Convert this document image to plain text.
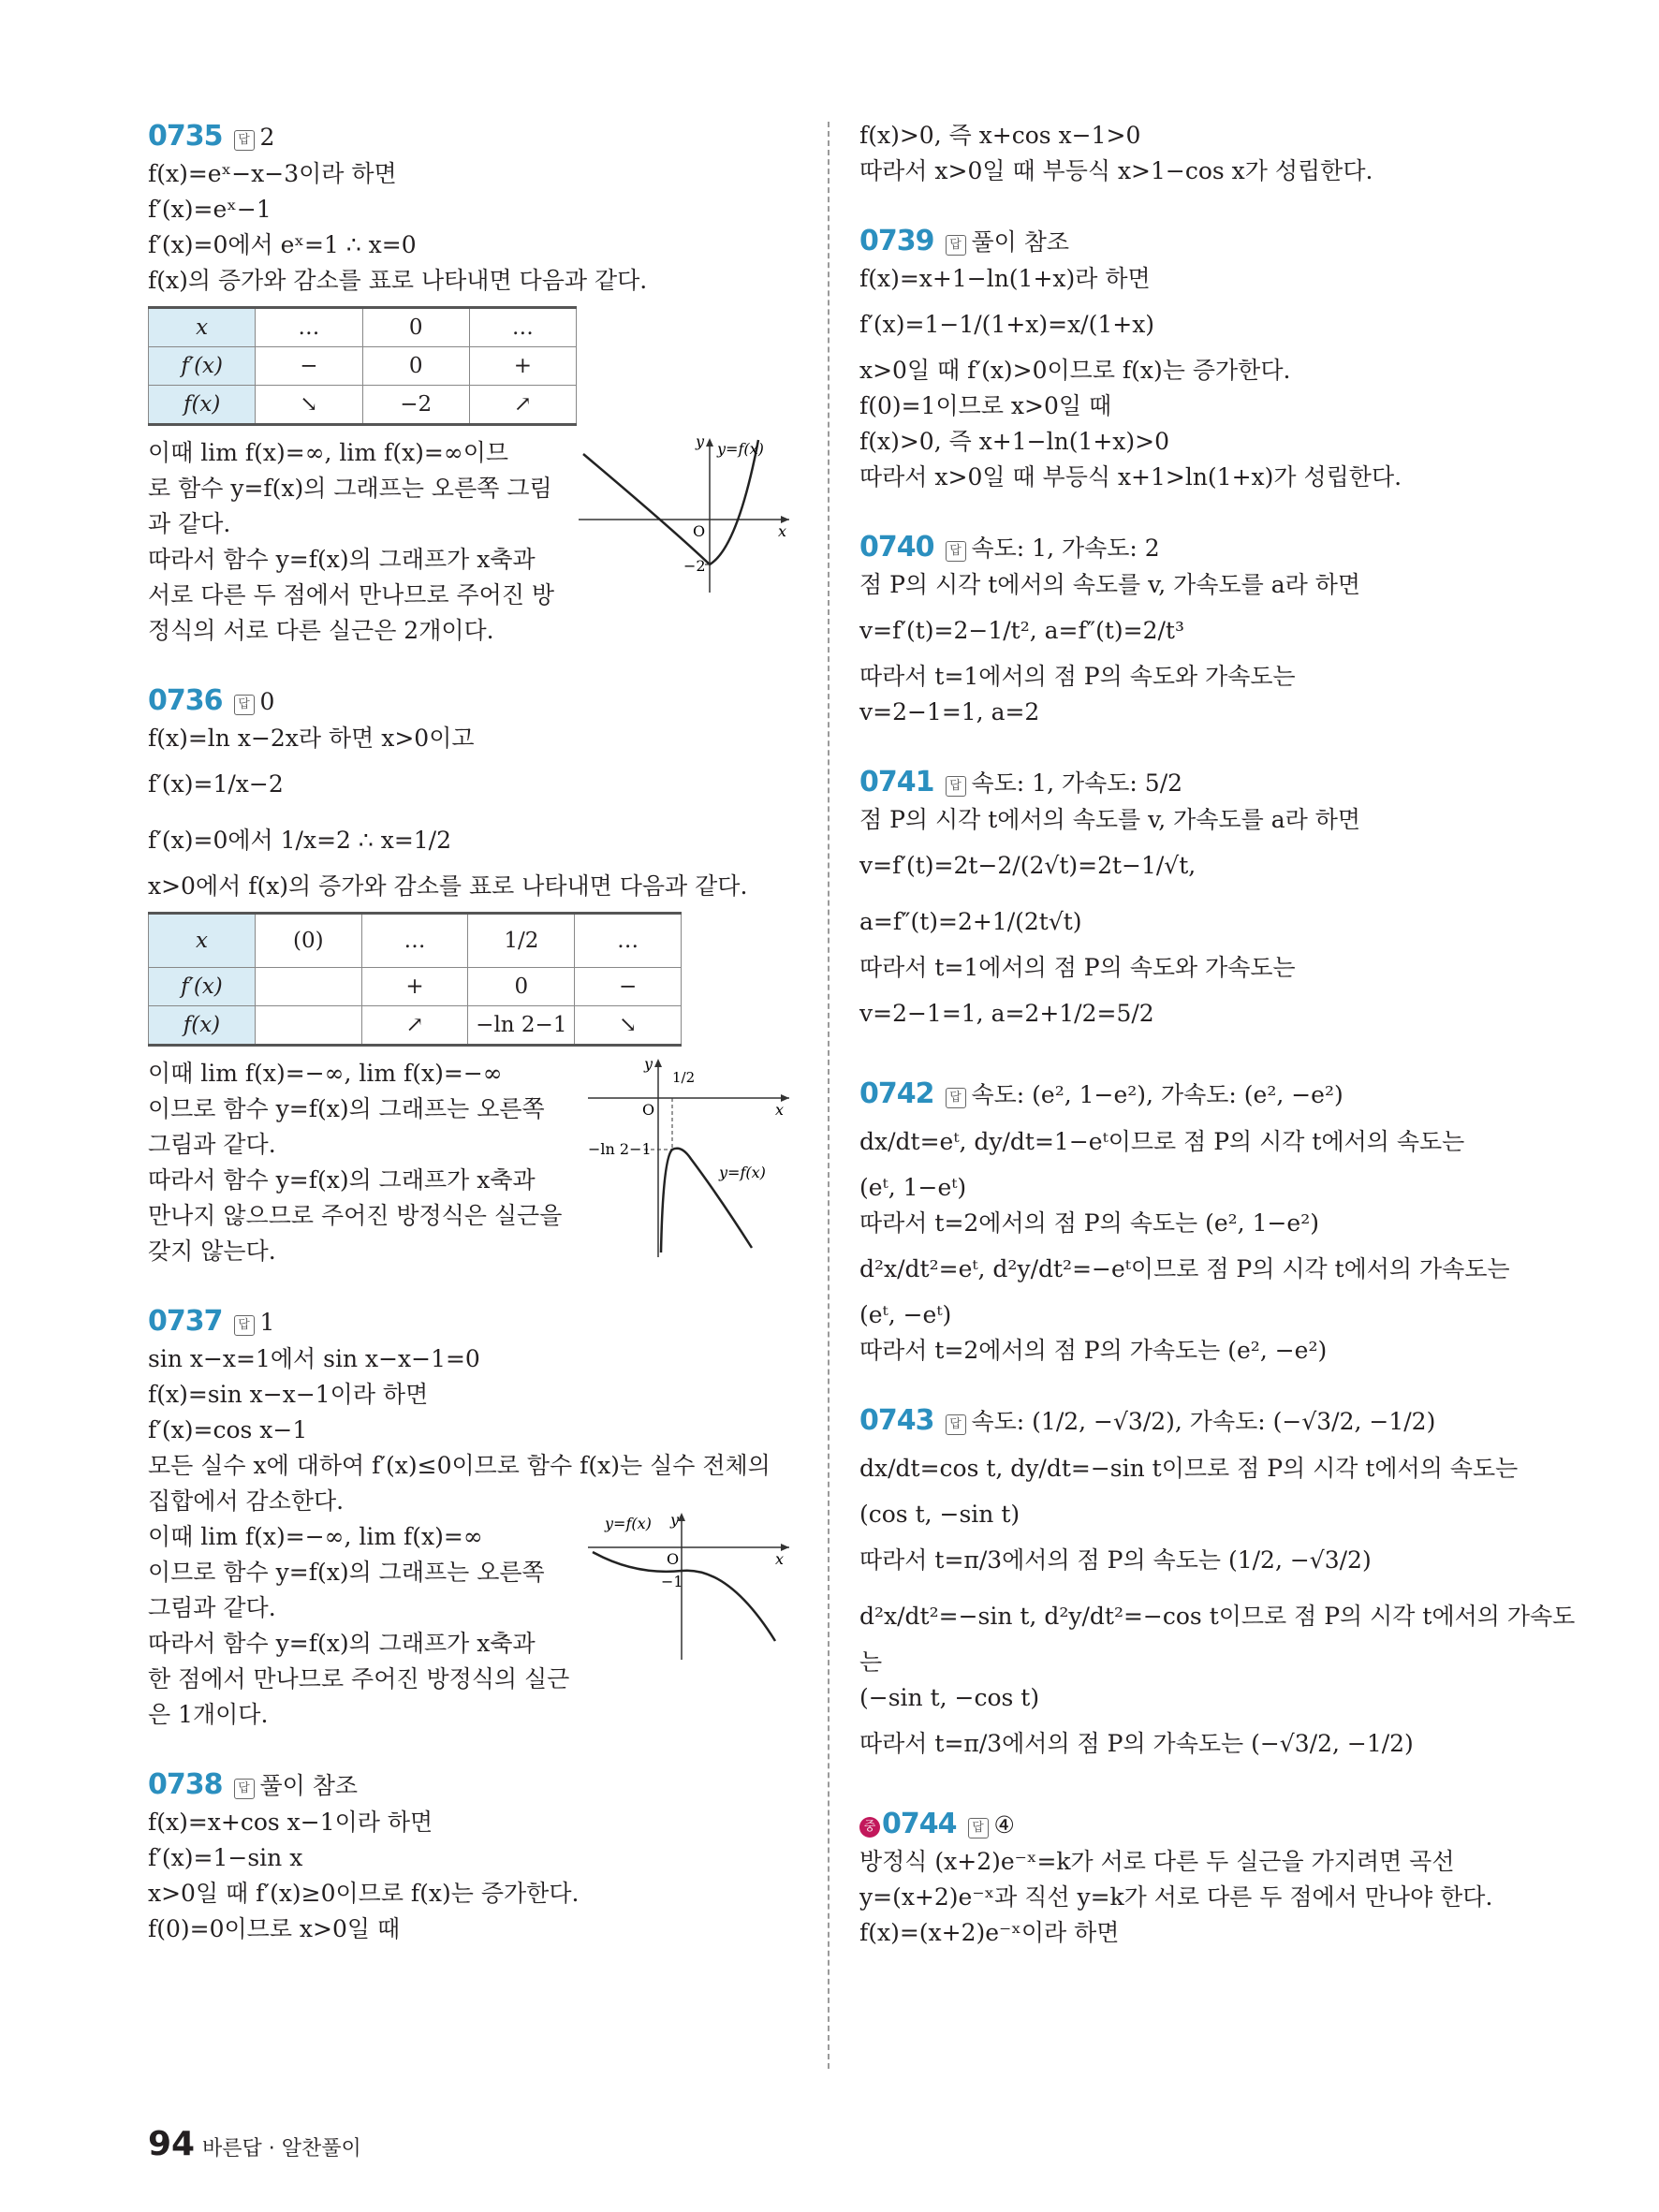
0735 답 2
f(x)=eˣ−x−3이라 하면
f′(x)=eˣ−1
f′(x)=0에서 eˣ=1 ∴ x=0
f(x)의 증가와 감소를 표로 나타내면 다음과 같다.
x	…	0	…
f′(x)	−	0	+
f(x)	↘	−2	↗
이때 lim f(x)=∞, lim f(x)=∞이므
로 함수 y=f(x)의 그래프는 오른쪽 그림
과 같다.
따라서 함수 y=f(x)의 그래프가 x축과
서로 다른 두 점에서 만나므로 주어진 방
정식의 서로 다른 실근은 2개이다.
y y=f(x)
x
O
−2
0736 답 0
f(x)=ln x−2x라 하면 x>0이고
f′(x)=1/x−2
f′(x)=0에서 1/x=2 ∴ x=1/2
x>0에서 f(x)의 증가와 감소를 표로 나타내면 다음과 같다.
x	(0)	…	1/2	…
f′(x)		+	0	−
f(x)		↗	−ln 2−1	↘
이때 lim f(x)=−∞, lim f(x)=−∞
이므로 함수 y=f(x)의 그래프는 오른쪽
그림과 같다.
따라서 함수 y=f(x)의 그래프가 x축과
만나지 않으므로 주어진 방정식은 실근을
갖지 않는다.
y
1/2
x
O
−ln 2−1
y=f(x)
0737 답 1
sin x−x=1에서 sin x−x−1=0
f(x)=sin x−x−1이라 하면
f′(x)=cos x−1
모든 실수 x에 대하여 f′(x)≤0이므로 함수 f(x)는 실수 전체의
집합에서 감소한다.
이때 lim f(x)=−∞, lim f(x)=∞
이므로 함수 y=f(x)의 그래프는 오른쪽
그림과 같다.
따라서 함수 y=f(x)의 그래프가 x축과
한 점에서 만나므로 주어진 방정식의 실근
은 1개이다.
y=f(x) y
x
O
−1
0738 답 풀이 참조
f(x)=x+cos x−1이라 하면
f′(x)=1−sin x
x>0일 때 f′(x)≥0이므로 f(x)는 증가한다.
f(0)=0이므로 x>0일 때
f(x)>0, 즉 x+cos x−1>0
따라서 x>0일 때 부등식 x>1−cos x가 성립한다.
0739 답 풀이 참조
f(x)=x+1−ln(1+x)라 하면
f′(x)=1−1/(1+x)=x/(1+x)
x>0일 때 f′(x)>0이므로 f(x)는 증가한다.
f(0)=1이므로 x>0일 때
f(x)>0, 즉 x+1−ln(1+x)>0
따라서 x>0일 때 부등식 x+1>ln(1+x)가 성립한다.
0740 답 속도: 1, 가속도: 2
점 P의 시각 t에서의 속도를 v, 가속도를 a라 하면
v=f′(t)=2−1/t², a=f″(t)=2/t³
따라서 t=1에서의 점 P의 속도와 가속도는
v=2−1=1, a=2
0741 답 속도: 1, 가속도: 5/2
점 P의 시각 t에서의 속도를 v, 가속도를 a라 하면
v=f′(t)=2t−2/(2√t)=2t−1/√t,
a=f″(t)=2+1/(2t√t)
따라서 t=1에서의 점 P의 속도와 가속도는
v=2−1=1, a=2+1/2=5/2
0742 답 속도: (e², 1−e²), 가속도: (e², −e²)
dx/dt=eᵗ, dy/dt=1−eᵗ이므로 점 P의 시각 t에서의 속도는
(eᵗ, 1−eᵗ)
따라서 t=2에서의 점 P의 속도는 (e², 1−e²)
d²x/dt²=eᵗ, d²y/dt²=−eᵗ이므로 점 P의 시각 t에서의 가속도는
(eᵗ, −eᵗ)
따라서 t=2에서의 점 P의 가속도는 (e², −e²)
0743 답 속도: (1/2, −√3/2), 가속도: (−√3/2, −1/2)
dx/dt=cos t, dy/dt=−sin t이므로 점 P의 시각 t에서의 속도는
(cos t, −sin t)
따라서 t=π/3에서의 점 P의 속도는 (1/2, −√3/2)
d²x/dt²=−sin t, d²y/dt²=−cos t이므로 점 P의 시각 t에서의 가속도
는
(−sin t, −cos t)
따라서 t=π/3에서의 점 P의 가속도는 (−√3/2, −1/2)
중 0744 답 ④
방정식 (x+2)e⁻ˣ=k가 서로 다른 두 실근을 가지려면 곡선
y=(x+2)e⁻ˣ과 직선 y=k가 서로 다른 두 점에서 만나야 한다.
f(x)=(x+2)e⁻ˣ이라 하면
94 바른답 · 알찬풀이
